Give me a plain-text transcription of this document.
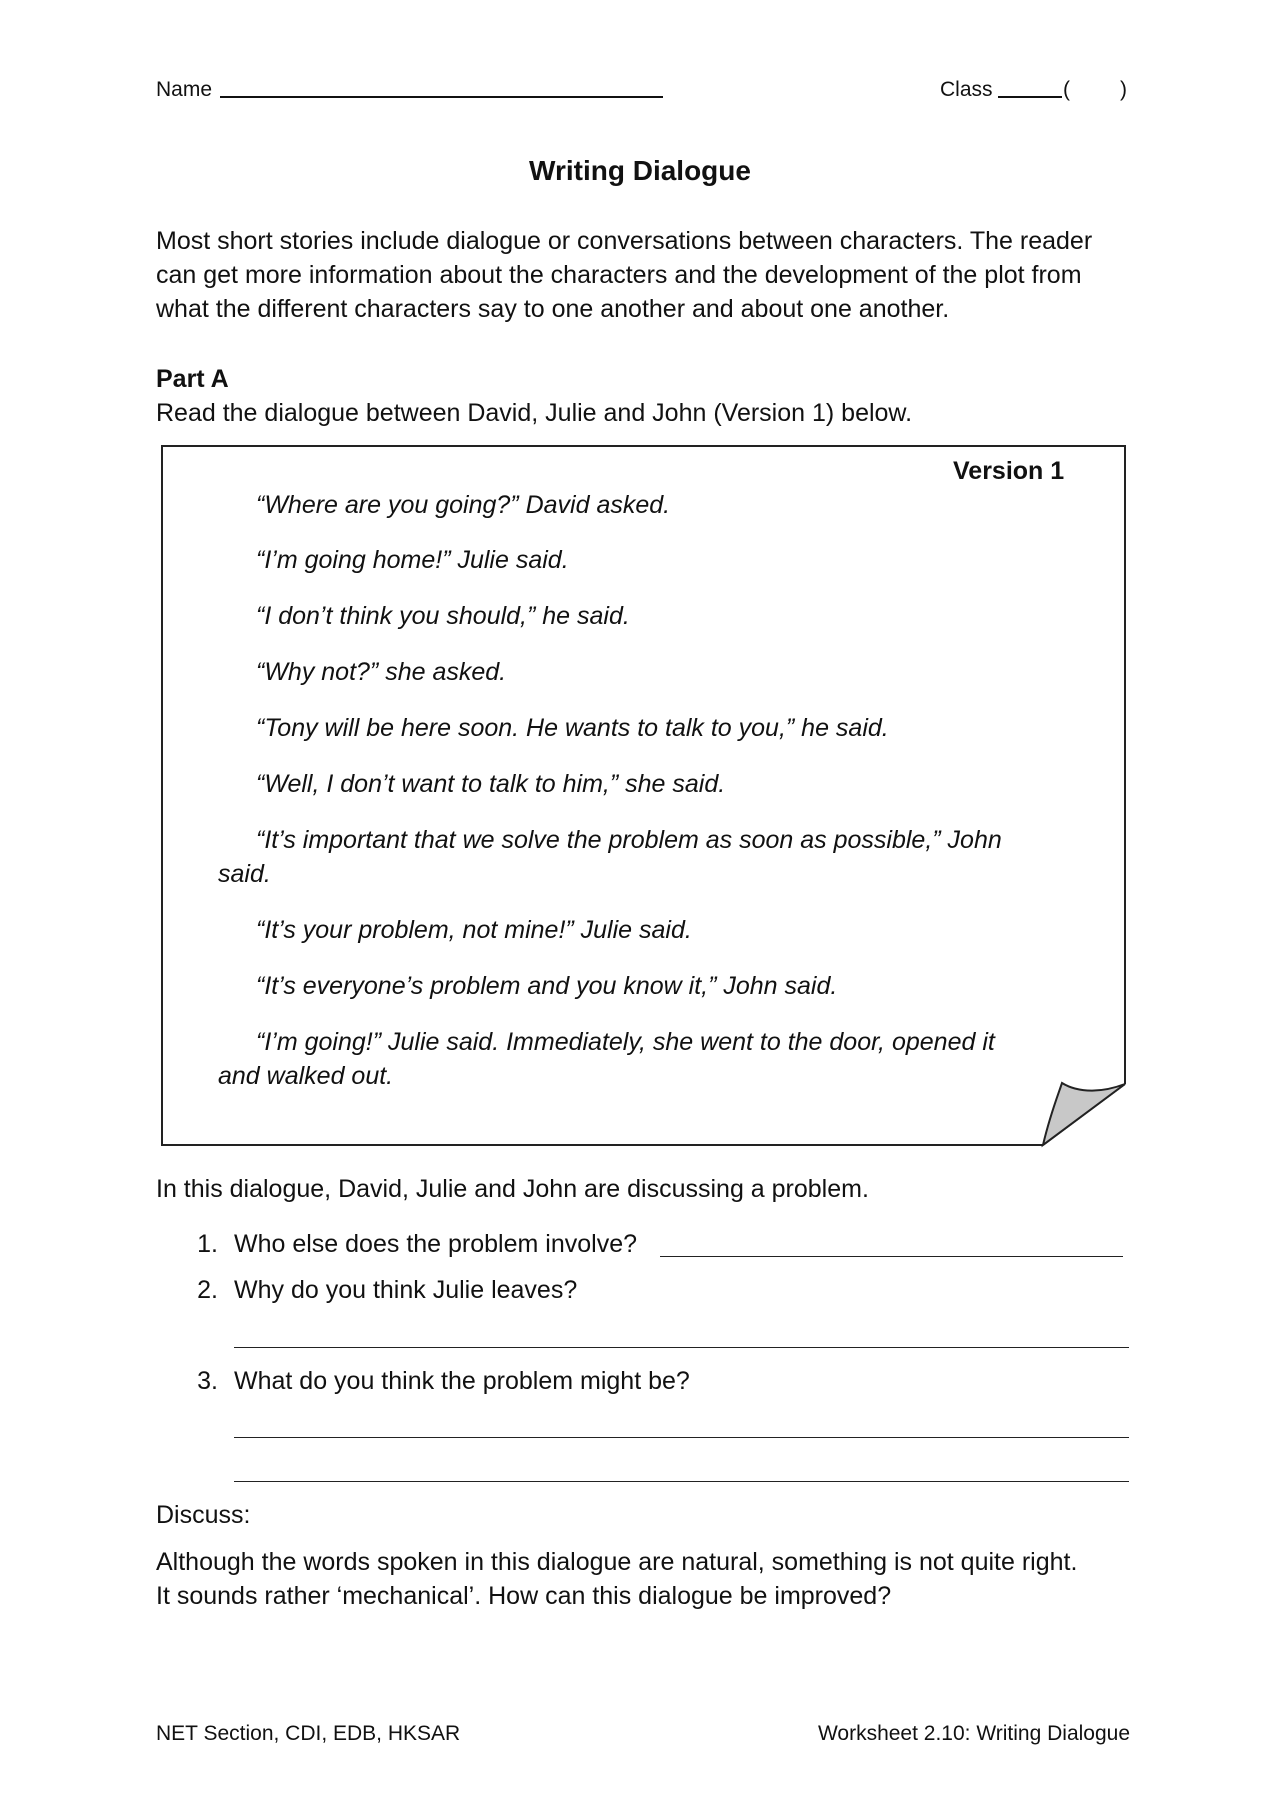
Name	Class	( )
Writing Dialogue
Most short stories include dialogue or conversations between characters. The reader
can get more information about the characters and the development of the plot from
what the different characters say to one another and about one another.
Part A
Read the dialogue between David, Julie and John (Version 1) below.
Version 1
“Where are you going?” David asked.
“I’m going home!” Julie said.
“I don’t think you should,” he said.
“Why not?” she asked.
“Tony will be here soon. He wants to talk to you,” he said.
“Well, I don’t want to talk to him,” she said.
“It’s important that we solve the problem as soon as possible,” John
said.
“It’s your problem, not mine!” Julie said.
“It’s everyone’s problem and you know it,” John said.
“I’m going!” Julie said. Immediately, she went to the door, opened it
and walked out.
In this dialogue, David, Julie and John are discussing a problem.
1. Who else does the problem involve?
2. Why do you think Julie leaves?
3. What do you think the problem might be?
Discuss:
Although the words spoken in this dialogue are natural, something is not quite right.
It sounds rather ‘mechanical’. How can this dialogue be improved?
NET Section, CDI, EDB, HKSAR	Worksheet 2.10: Writing Dialogue
